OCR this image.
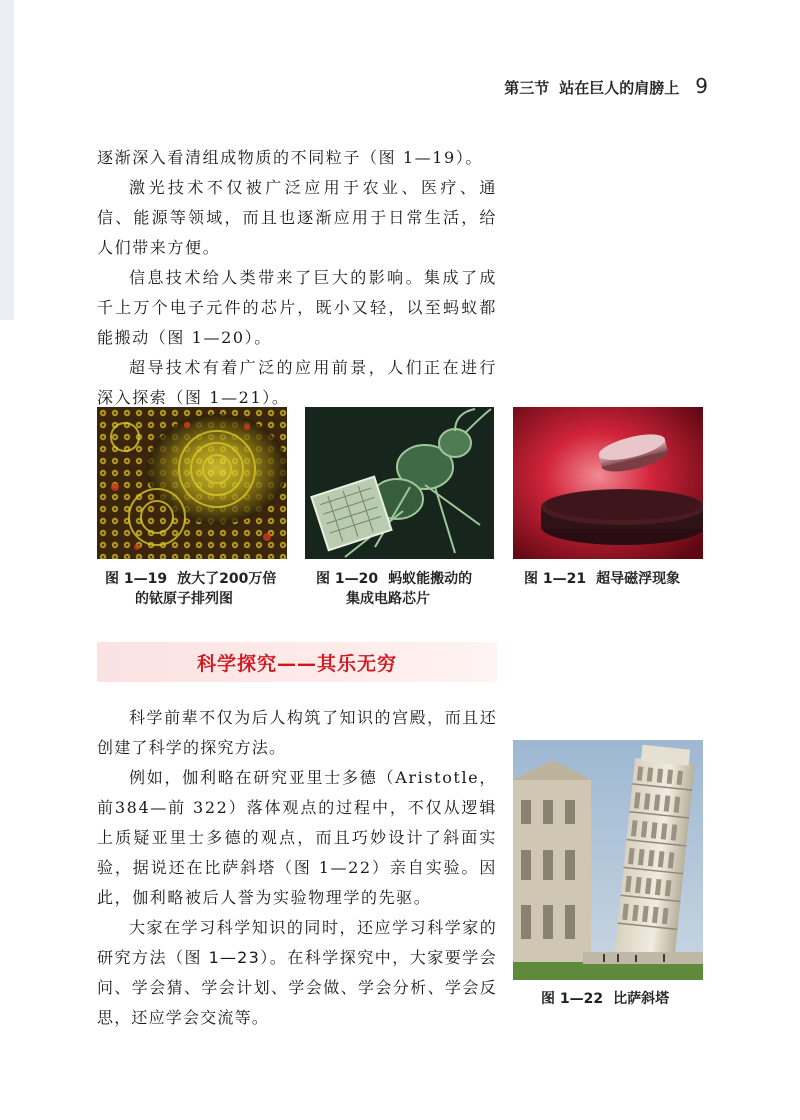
第三节 站在巨人的肩膀上 9

逐渐深入看清组成物质的不同粒子（图 1—19）。

激光技术不仅被广泛应用于农业、医疗、通信、能源等领域，而且也逐渐应用于日常生活，给人们带来方便。

信息技术给人类带来了巨大的影响。集成了成千上万个电子元件的芯片，既小又轻，以至蚂蚁都能搬动（图 1—20）。

超导技术有着广泛的应用前景，人们正在进行深入探索（图 1—21）。

图 1—19 放大了200万倍
的铱原子排列图
图 1—20 蚂蚁能搬动的
集成电路芯片
图 1—21 超导磁浮现象
科学探究——其乐无穷

科学前辈不仅为后人构筑了知识的宫殿，而且还创建了科学的探究方法。

例如，伽利略在研究亚里士多德（Aristotle，前384—前 322）落体观点的过程中，不仅从逻辑上质疑亚里士多德的观点，而且巧妙设计了斜面实验，据说还在比萨斜塔（图 1—22）亲自实验。因此，伽利略被后人誉为实验物理学的先驱。

大家在学习科学知识的同时，还应学习科学家的研究方法（图 1—23）。在科学探究中，大家要学会问、学会猜、学会计划、学会做、学会分析、学会反思，还应学会交流等。

图 1—22 比萨斜塔
